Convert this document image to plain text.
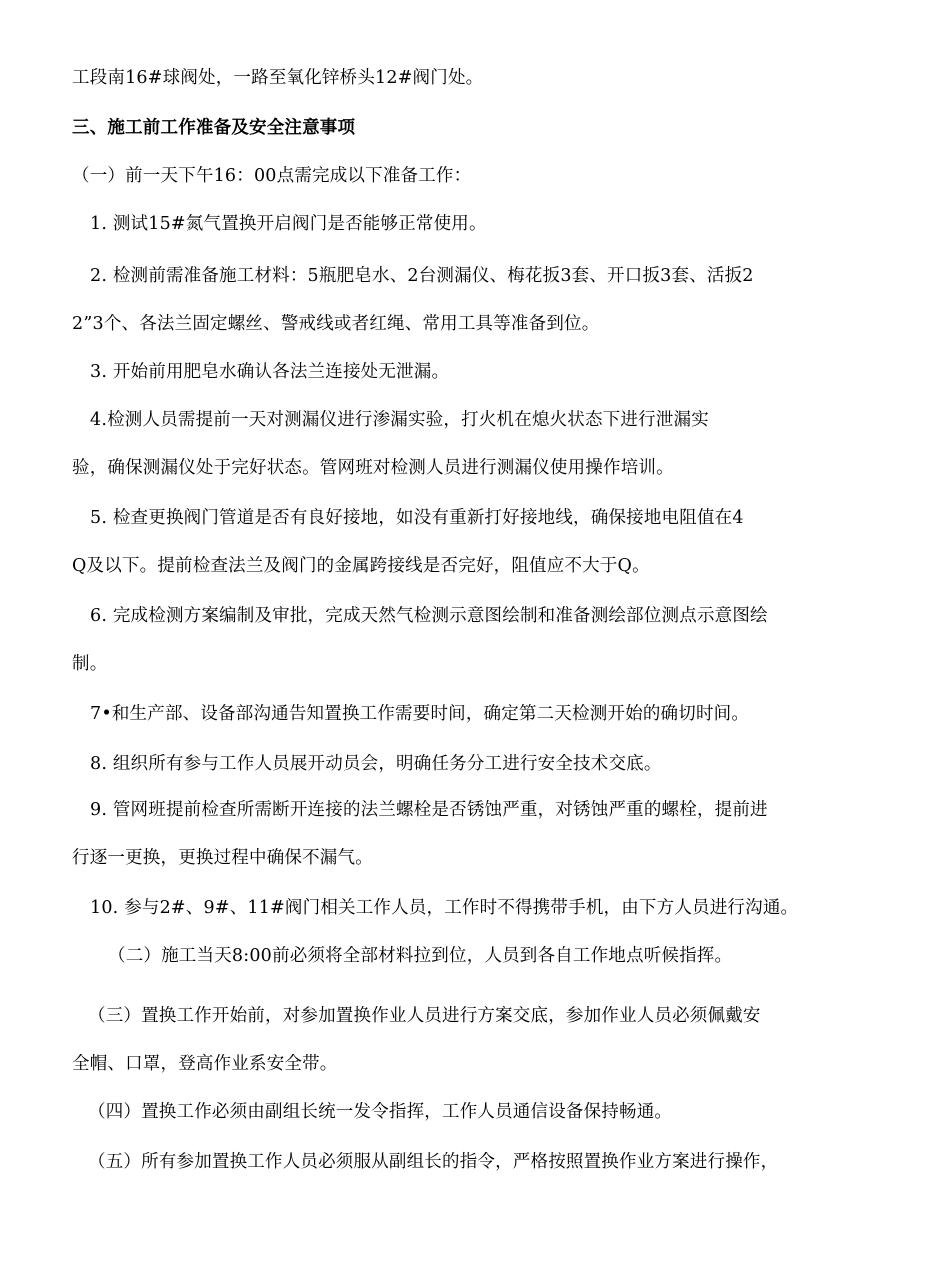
工段南16#球阀处，一路至氧化锌桥头12#阀门处。
三、施工前工作准备及安全注意事项
（一）前一天下午16：00点需完成以下准备工作：
1. 测试15#氮气置换开启阀门是否能够正常使用。
2. 检测前需准备施工材料：5瓶肥皂水、2台测漏仪、梅花扳3套、开口扳3套、活扳2
2”3个、各法兰固定螺丝、警戒线或者红绳、常用工具等准备到位。
3. 开始前用肥皂水确认各法兰连接处无泄漏。
4.检测人员需提前一天对测漏仪进行渗漏实验，打火机在熄火状态下进行泄漏实
验，确保测漏仪处于完好状态。管网班对检测人员进行测漏仪使用操作培训。
5. 检查更换阀门管道是否有良好接地，如没有重新打好接地线，确保接地电阻值在4
Q及以下。提前检查法兰及阀门的金属跨接线是否完好，阻值应不大于Q。
6. 完成检测方案编制及审批，完成天然气检测示意图绘制和准备测绘部位测点示意图绘
制。
7•和生产部、设备部沟通告知置换工作需要时间，确定第二天检测开始的确切时间。
8. 组织所有参与工作人员展开动员会，明确任务分工进行安全技术交底。
9. 管网班提前检查所需断开连接的法兰螺栓是否锈蚀严重，对锈蚀严重的螺栓，提前进
行逐一更换，更换过程中确保不漏气。
10. 参与2#、9#、11#阀门相关工作人员，工作时不得携带手机，由下方人员进行沟通。
（二）施工当天8:00前必须将全部材料拉到位，人员到各自工作地点听候指挥。
（三）置换工作开始前，对参加置换作业人员进行方案交底，参加作业人员必须佩戴安
全帽、口罩，登高作业系安全带。
（四）置换工作必须由副组长统一发令指挥，工作人员通信设备保持畅通。
（五）所有参加置换工作人员必须服从副组长的指令，严格按照置换作业方案进行操作，
